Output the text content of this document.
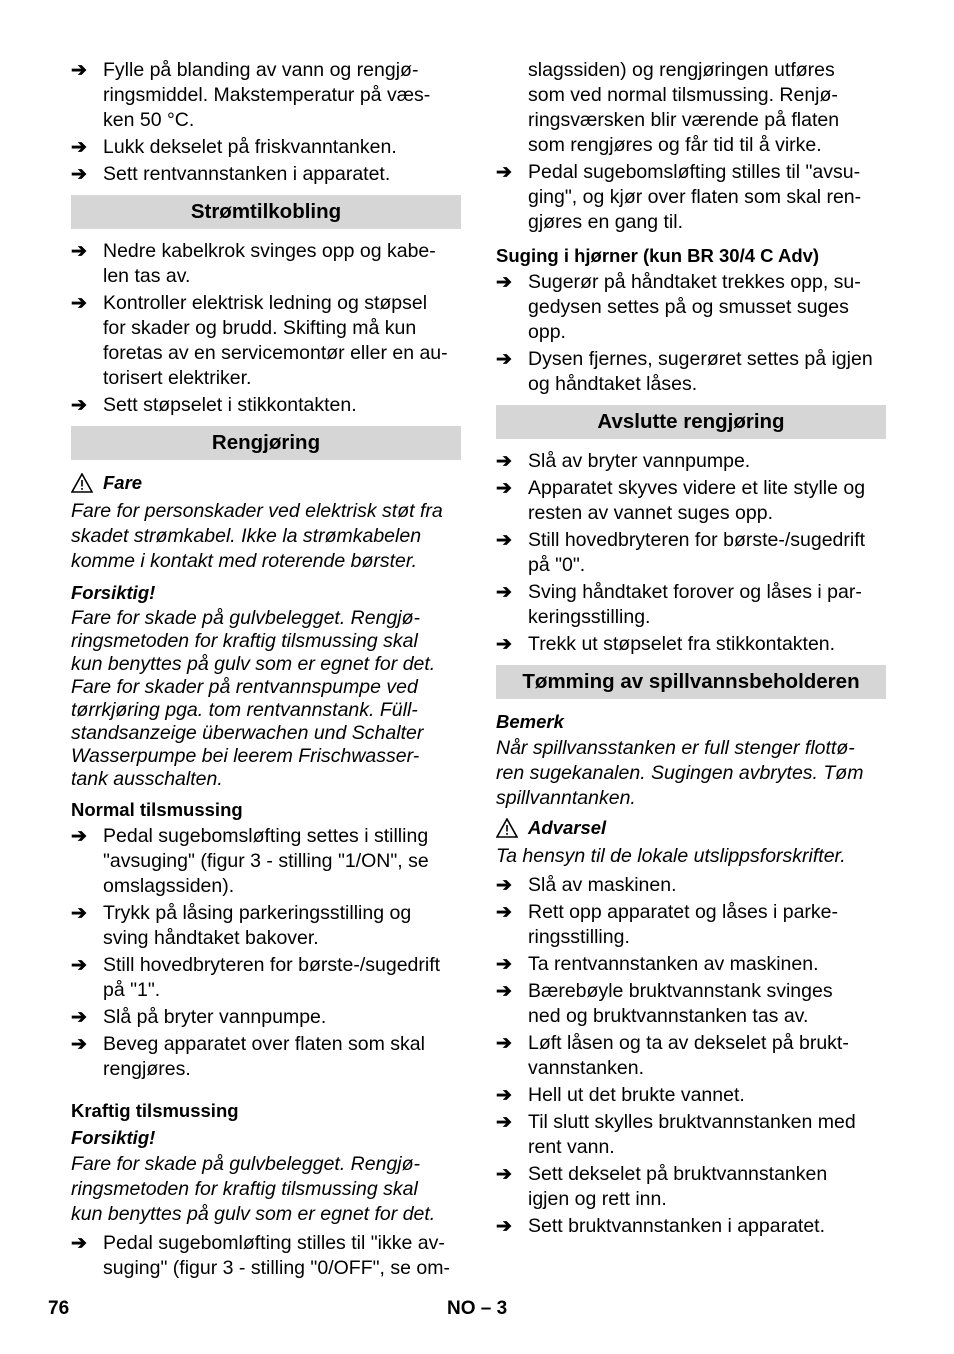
➔ Fylle på blanding av vann og rengjø-
ringsmiddel. Makstemperatur på væs-
ken 50 °C.
➔ Lukk dekselet på friskvanntanken.
➔ Sett rentvannstanken i apparatet.
Strømtilkobling
➔ Nedre kabelkrok svinges opp og kabe-
len tas av.
➔ Kontroller elektrisk ledning og støpsel
for skader og brudd. Skifting må kun
foretas av en servicemontør eller en au-
torisert elektriker.
➔ Sett støpselet i stikkontakten.
Rengjøring
Fare
Fare for personskader ved elektrisk støt fra
skadet strømkabel. Ikke la strømkabelen
komme i kontakt med roterende børster.
Forsiktig!
Fare for skade på gulvbelegget. Rengjø-
ringsmetoden for kraftig tilsmussing skal
kun benyttes på gulv som er egnet for det.
Fare for skader på rentvannspumpe ved
tørrkjøring pga. tom rentvannstank. Füll-
standsanzeige überwachen und Schalter
Wasserpumpe bei leerem Frischwasser-
tank ausschalten.
Normal tilsmussing
➔ Pedal sugebomsløfting settes i stilling
"avsuging" (figur 3 - stilling "1/ON", se
omslagssiden).
➔ Trykk på låsing parkeringsstilling og
sving håndtaket bakover.
➔ Still hovedbryteren for børste-/sugedrift
på "1".
➔ Slå på bryter vannpumpe.
➔ Beveg apparatet over flaten som skal
rengjøres.
Kraftig tilsmussing
Forsiktig!
Fare for skade på gulvbelegget. Rengjø-
ringsmetoden for kraftig tilsmussing skal
kun benyttes på gulv som er egnet for det.
➔ Pedal sugebomløfting stilles til "ikke av-
suging" (figur 3 - stilling "0/OFF", se om-
slagssiden) og rengjøringen utføres
som ved normal tilsmussing. Renjø-
ringsværsken blir værende på flaten
som rengjøres og får tid til å virke.
➔ Pedal sugebomsløfting stilles til "avsu-
ging", og kjør over flaten som skal ren-
gjøres en gang til.
Suging i hjørner (kun BR 30/4 C Adv)
➔ Sugerør på håndtaket trekkes opp, su-
gedysen settes på og smusset suges
opp.
➔ Dysen fjernes, sugerøret settes på igjen
og håndtaket låses.
Avslutte rengjøring
➔ Slå av bryter vannpumpe.
➔ Apparatet skyves videre et lite stylle og
resten av vannet suges opp.
➔ Still hovedbryteren for børste-/sugedrift
på "0".
➔ Sving håndtaket forover og låses i par-
keringsstilling.
➔ Trekk ut støpselet fra stikkontakten.
Tømming av spillvannsbeholderen
Bemerk
Når spillvansstanken er full stenger flottø-
ren sugekanalen. Sugingen avbrytes. Tøm
spillvanntanken.
Advarsel
Ta hensyn til de lokale utslippsforskrifter.
➔ Slå av maskinen.
➔ Rett opp apparatet og låses i parke-
ringsstilling.
➔ Ta rentvannstanken av maskinen.
➔ Bærebøyle bruktvannstank svinges
ned og bruktvannstanken tas av.
➔ Løft låsen og ta av dekselet på brukt-
vannstanken.
➔ Hell ut det brukte vannet.
➔ Til slutt skylles bruktvannstanken med
rent vann.
➔ Sett dekselet på bruktvannstanken
igjen og rett inn.
➔ Sett bruktvannstanken i apparatet.
76	NO – 3
